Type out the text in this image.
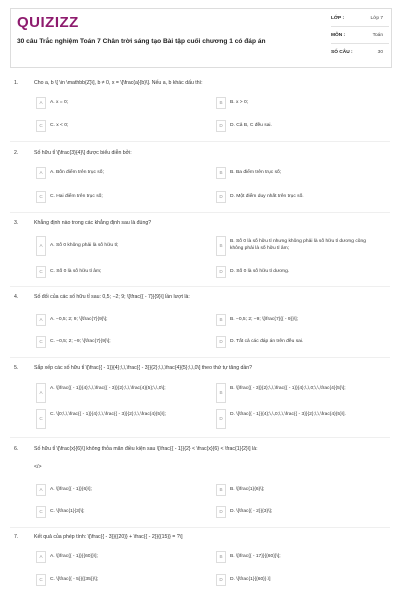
QUIZIZZ
30 câu Trắc nghiệm Toán 7 Chân trời sáng tạo Bài tập cuối chương 1 có đáp án
LỚP :	Lớp 7
MÔN :	Toán
SỐ CÂU :	30
1.	Cho a, b \[ \in \mathbb{Z}\], b ≠ 0, x = \[\frac{a}{b}\]. Nếu a, b khác dấu thì:
A	A. x = 0;	B	B. x > 0;
C	C. x < 0;	D	D. Cả B, C đều sai.
2.	Số hữu tỉ \[\frac{3}{4}\] được biểu diễn bởi:
A	A. Bốn điểm trên trục số;	B	B. Ba điểm trên trục số;
C	C. Hai điểm trên trục số;	D	D. Một điểm duy nhất trên trục số.
3.	Khẳng định nào trong các khẳng định sau là đúng?
A	A. Số 0 không phải là số hữu tỉ;	B
B. Số 0 là số hữu tỉ nhưng không phải là số hữu tỉ dương cũng không phải là số hữu tỉ âm;
C	C. Số 0 là số hữu tỉ âm;	D	D. Số 0 là số hữu tỉ dương.
4.	Số đối của các số hữu tỉ sau: 0,5; −2; 9; \[\frac{{ - 7}}{9}\] lần lượt là:
A	A. −0,5; 2; 9; \[\frac{7}{9}\];	B	B. −0,5; 2; −9; \[\frac{7}{{ - 9}}\];
C	C. −0,5; 2; −9; \[\frac{7}{9}\];	D	D. Tất cả các đáp án trên đều sai.
5.	Sắp xếp các số hữu tỉ \[\frac{{ - 1}}{4};\,\,\frac{{ - 3}}{2};\,\,\frac{4}{5};\,\,0\] theo thứ tự tăng dần?
A
A. \[\frac{{ - 1}}{4};\,\,\frac{{ - 3}}{2};\,\,\frac{4}{5};\,\,0\];
B
B. \[\frac{{ - 3}}{2};\,\,\frac{{ - 1}}{4};\,\,0;\,\,\frac{4}{5}\];
C
C. \[0;\,\,\frac{{ - 1}}{4};\,\,\frac{{ - 3}}{2};\,\,\frac{4}{5}\];
D
D. \[\frac{{ - 1}}{4};\,\,0;\,\,\frac{{ - 3}}{2};\,\,\frac{4}{5}\].
6.	Số hữu tỉ \[\frac{x}{6}\] không thỏa mãn điều kiện sau \[\frac{{ - 1}}{2} < \frac{x}{6} < \frac{1}{2}\] là:
</>
A	A. \[\frac{{ - 1}}{6}\];	B	B. \[\frac{1}{6}\];
C	C. \[\frac{1}{3}\];	D	D. \[\frac{{ - 2}}{3}\];
7.	Kết quả của phép tính: \[\frac{{ - 3}}{{20}} + \frac{{ - 2}}{{15}} = ?\]
A	A. \[\frac{{ - 1}}{{60}}\];	B	B. \[\frac{{ - 17}}{{60}}\];
C	C. \[\frac{{ - 5}}{{35}}\];	D	D. \[\frac{1}{{60}}.\]
